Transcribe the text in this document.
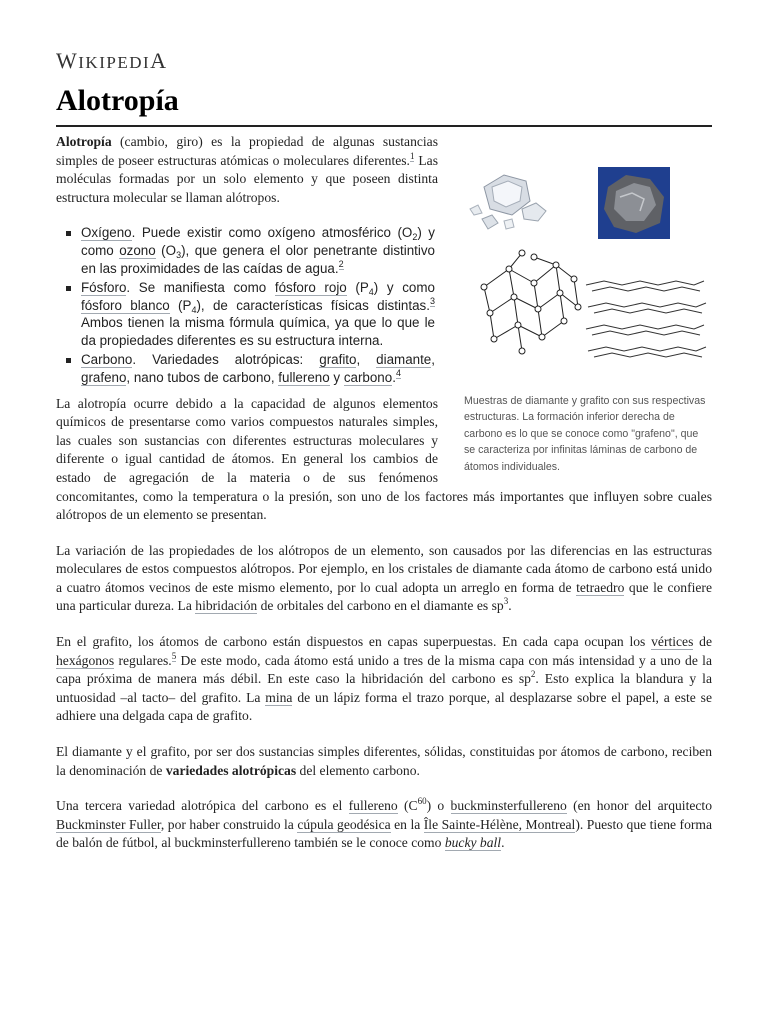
WIKIPEDIA
Alotropía
Muestras de diamante y grafito con sus respectivas estructuras. La formación inferior derecha de carbono es lo que se conoce como "grafeno", que se caracteriza por infinitas láminas de carbono de átomos individuales.

Alotropía (cambio, giro) es la propiedad de algunas sustancias simples de poseer estructuras atómicas o moleculares diferentes.$^1$ Las moléculas formadas por un solo elemento y que poseen distinta estructura molecular se llaman alótropos.

Oxígeno. Puede existir como oxígeno atmosférico $(O_2)$ y como ozono $(O_3)$, que genera el olor penetrante distintivo en las proximidades de las caídas de agua.$^2$
Fósforo. Se manifiesta como fósforo rojo $(P_4)$ y como fósforo blanco $(P_4)$, de características físicas distintas.$^3$ Ambos tienen la misma fórmula química, ya que lo que le da propiedades diferentes es su estructura interna.
Carbono. Variedades alotrópicas: grafito, diamante, grafeno, nano tubos de carbono, fullereno y carbono.$^4$

La alotropía ocurre debido a la capacidad de algunos elementos químicos de presentarse como varios compuestos naturales simples, las cuales son sustancias con diferentes estructuras moleculares y diferente o igual cantidad de átomos. En general los cambios de estado de agregación de la materia o de sus fenómenos concomitantes, como la temperatura o la presión, son uno de los factores más importantes que influyen sobre cuales alótropos de un elemento se presentan.

La variación de las propiedades de los alótropos de un elemento, son causados por las diferencias en las estructuras moleculares de estos compuestos alótropos. Por ejemplo, en los cristales de diamante cada átomo de carbono está unido a cuatro átomos vecinos de este mismo elemento, por lo cual adopta un arreglo en forma de tetraedro que le confiere una particular dureza. La hibridación de orbitales del carbono en el diamante es $sp^3$.

En el grafito, los átomos de carbono están dispuestos en capas superpuestas. En cada capa ocupan los vértices de hexágonos regulares.$^5$ De este modo, cada átomo está unido a tres de la misma capa con más intensidad y a uno de la capa próxima de manera más débil. En este caso la hibridación del carbono es $sp^2$. Esto explica la blandura y la untuosidad –al tacto– del grafito. La mina de un lápiz forma el trazo porque, al desplazarse sobre el papel, a este se adhiere una delgada capa de grafito.

El diamante y el grafito, por ser dos sustancias simples diferentes, sólidas, constituidas por átomos de carbono, reciben la denominación de variedades alotrópicas del elemento carbono.

Una tercera variedad alotrópica del carbono es el fullereno $(C^{60})$ o buckminsterfullereno (en honor del arquitecto Buckminster Fuller, por haber construido la cúpula geodésica en la Île Sainte-Hélène, Montreal). Puesto que tiene forma de balón de fútbol, al buckminsterfullereno también se le conoce como bucky ball.
